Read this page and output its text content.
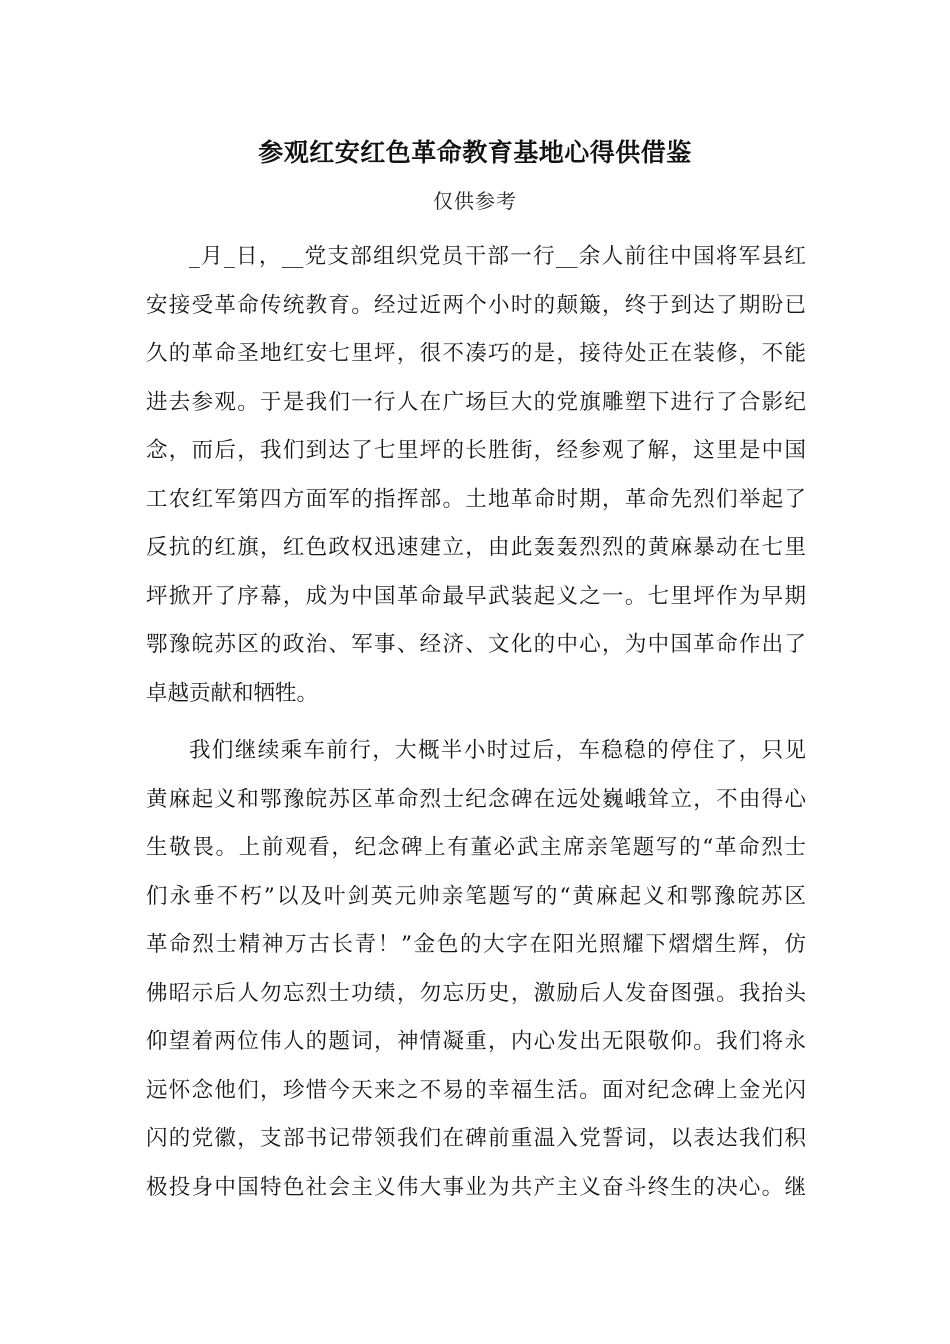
参观红安红色革命教育基地心得供借鉴
仅供参考
_月_日，__党支部组织党员干部一行__余人前往中国将军县红
安接受革命传统教育。经过近两个小时的颠簸，终于到达了期盼已
久的革命圣地红安七里坪，很不凑巧的是，接待处正在装修，不能
进去参观。于是我们一行人在广场巨大的党旗雕塑下进行了合影纪
念，而后，我们到达了七里坪的长胜街，经参观了解，这里是中国
工农红军第四方面军的指挥部。土地革命时期，革命先烈们举起了
反抗的红旗，红色政权迅速建立，由此轰轰烈烈的黄麻暴动在七里
坪掀开了序幕，成为中国革命最早武装起义之一。七里坪作为早期
鄂豫皖苏区的政治、军事、经济、文化的中心，为中国革命作出了
卓越贡献和牺牲。
我们继续乘车前行，大概半小时过后，车稳稳的停住了，只见
黄麻起义和鄂豫皖苏区革命烈士纪念碑在远处巍峨耸立，不由得心
生敬畏。上前观看，纪念碑上有董必武主席亲笔题写的“革命烈士
们永垂不朽”以及叶剑英元帅亲笔题写的“黄麻起义和鄂豫皖苏区
革命烈士精神万古长青！”金色的大字在阳光照耀下熠熠生辉，仿
佛昭示后人勿忘烈士功绩，勿忘历史，激励后人发奋图强。我抬头
仰望着两位伟人的题词，神情凝重，内心发出无限敬仰。我们将永
远怀念他们，珍惜今天来之不易的幸福生活。面对纪念碑上金光闪
闪的党徽，支部书记带领我们在碑前重温入党誓词，以表达我们积
极投身中国特色社会主义伟大事业为共产主义奋斗终生的决心。继
